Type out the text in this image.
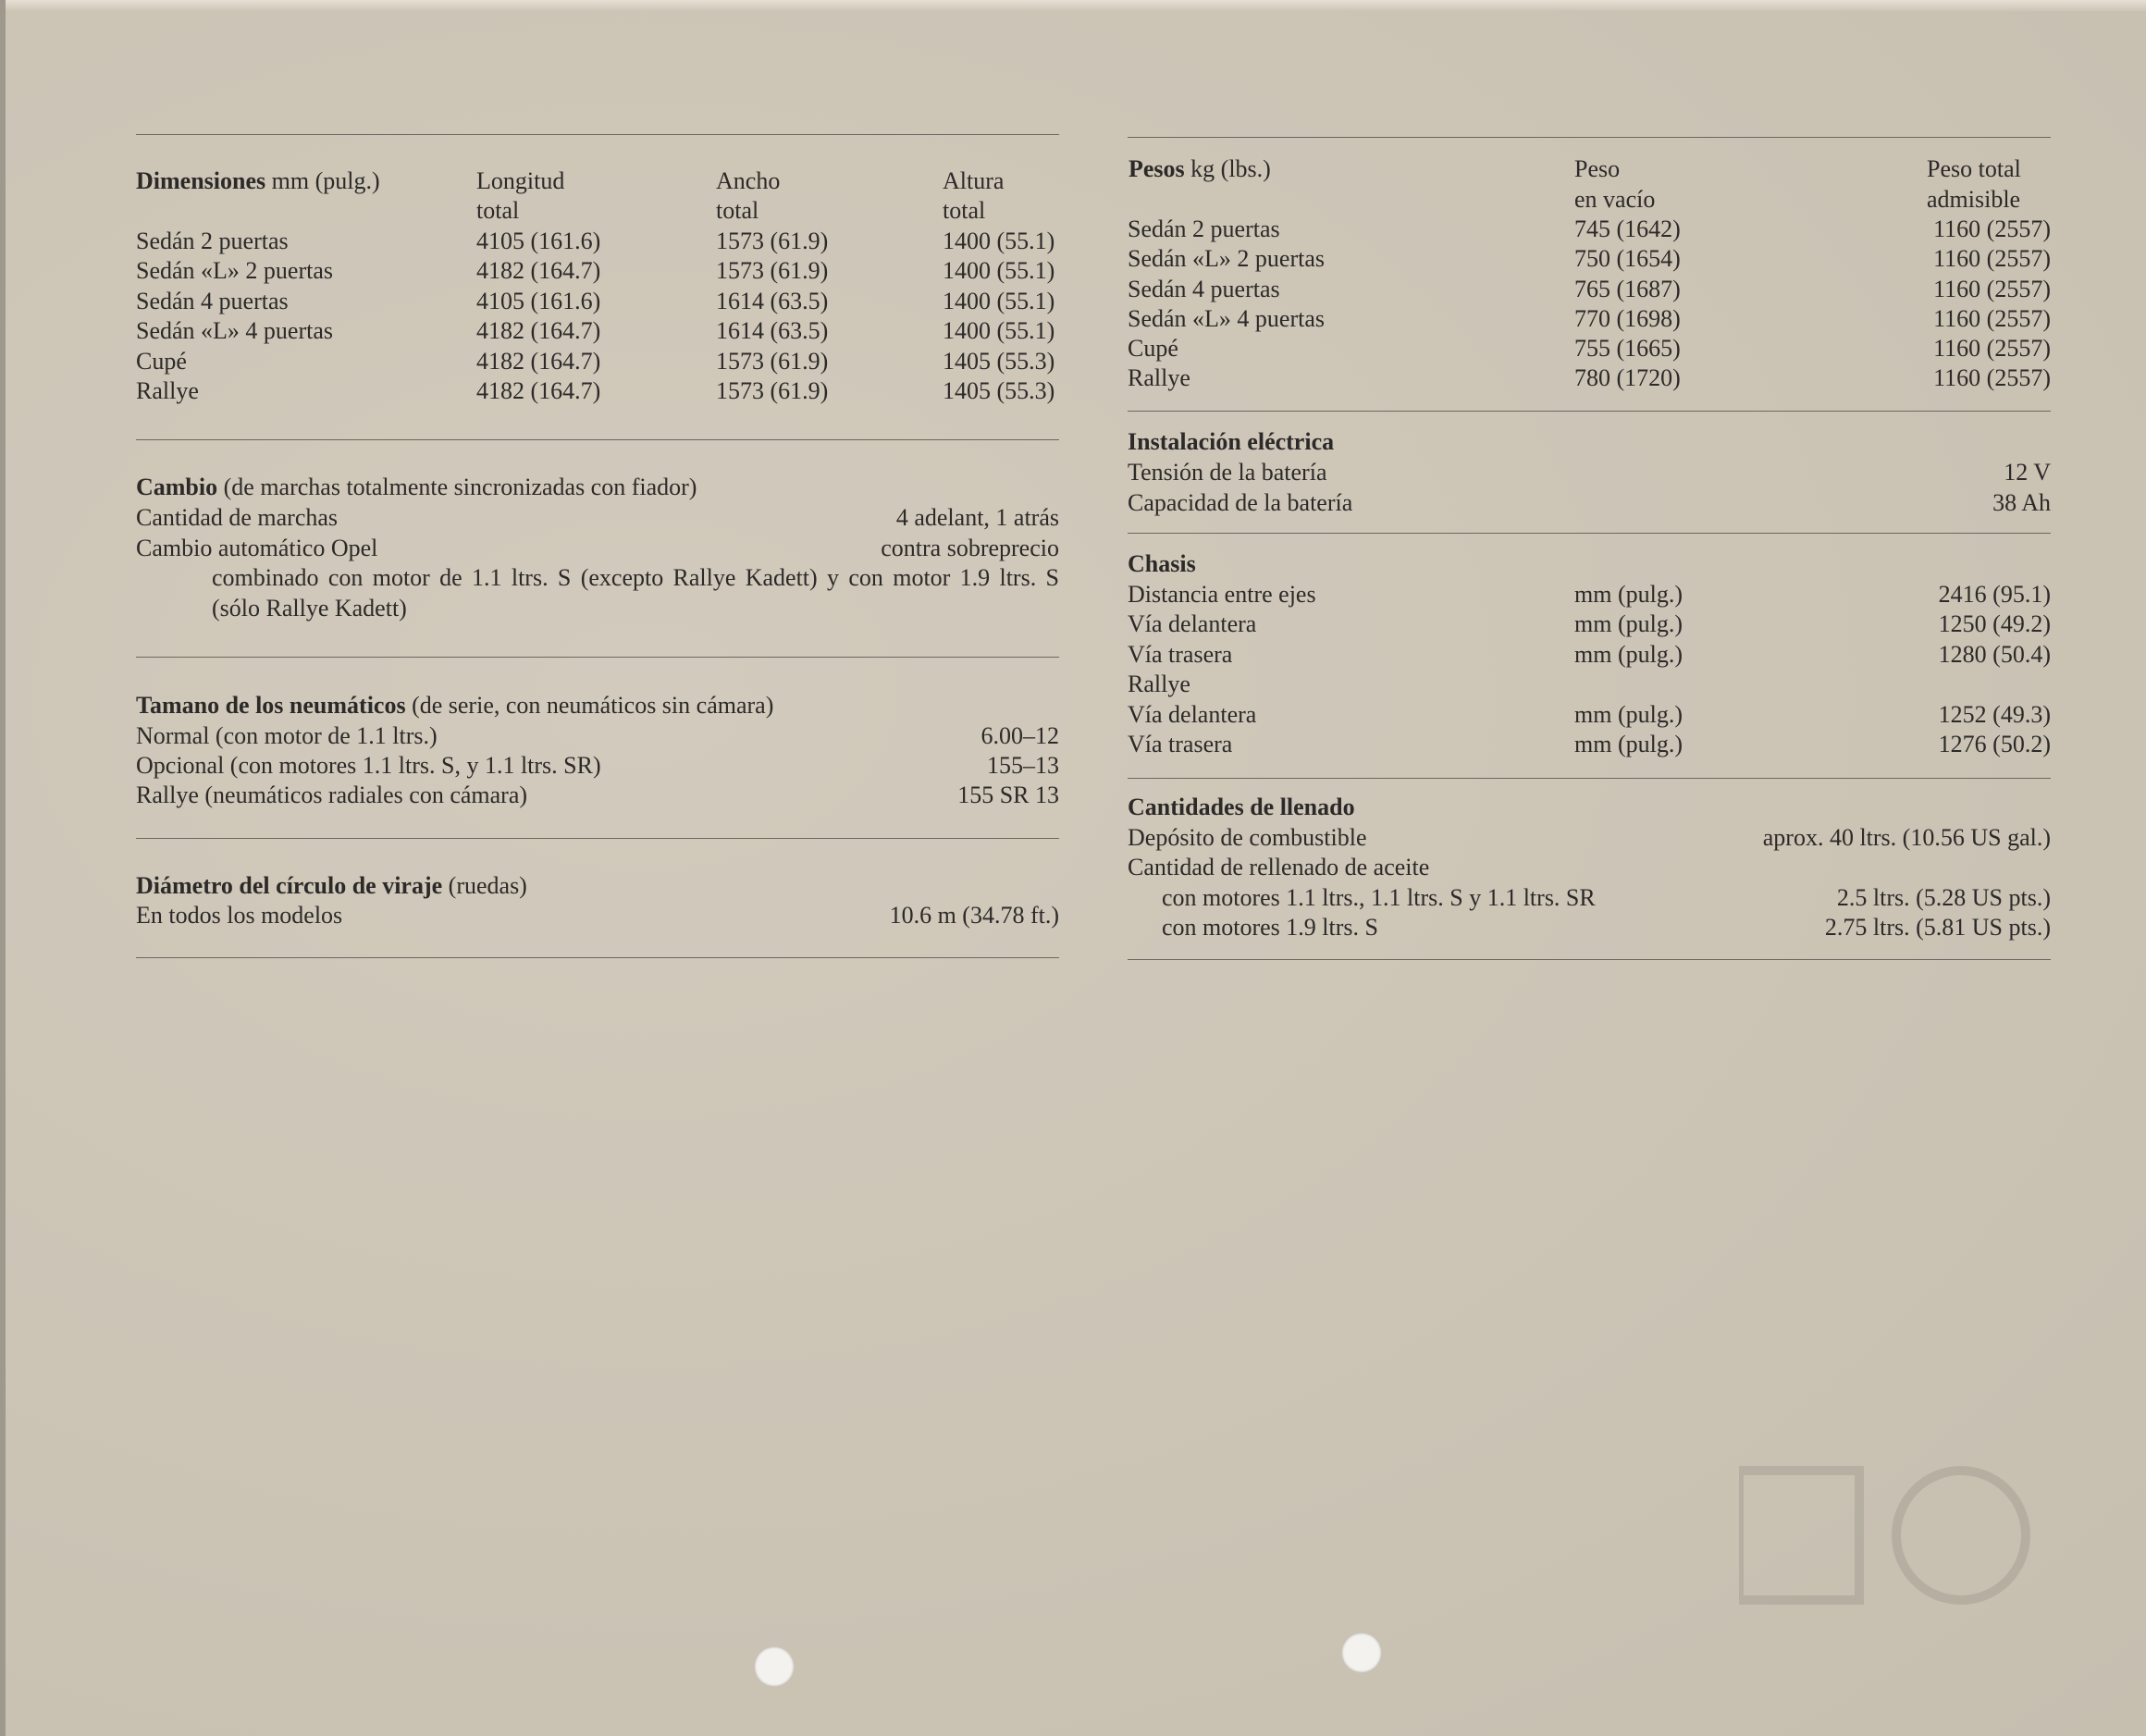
Dimensiones mm (pulg.)	Longitud	Ancho	Altura
total	total	total
Sedán 2 puertas	4105 (161.6)	1573 (61.9)	1400 (55.1)
Sedán «L» 2 puertas	4182 (164.7)	1573 (61.9)	1400 (55.1)
Sedán 4 puertas	4105 (161.6)	1614 (63.5)	1400 (55.1)
Sedán «L» 4 puertas	4182 (164.7)	1614 (63.5)	1400 (55.1)
Cupé	4182 (164.7)	1573 (61.9)	1405 (55.3)
Rallye	4182 (164.7)	1573 (61.9)	1405 (55.3)
Cambio (de marchas totalmente sincronizadas con fiador)
Cantidad de marchas	4 adelant, 1 atrás
Cambio automático Opel	contra sobreprecio
combinado con motor de 1.1 ltrs. S (excepto Rallye Kadett) y con motor 1.9 ltrs. S (sólo Rallye Kadett)
Tamano de los neumáticos (de serie, con neumáticos sin cámara)
Normal (con motor de 1.1 ltrs.)	6.00–12
Opcional (con motores 1.1 ltrs. S, y 1.1 ltrs. SR)	155–13
Rallye (neumáticos radiales con cámara)	155 SR 13
Diámetro del círculo de viraje (ruedas)
En todos los modelos	10.6 m (34.78 ft.)
Pesos kg (lbs.)	Peso	Peso total
en vacío	admisible
Sedán 2 puertas	745 (1642)	1160 (2557)
Sedán «L» 2 puertas	750 (1654)	1160 (2557)
Sedán 4 puertas	765 (1687)	1160 (2557)
Sedán «L» 4 puertas	770 (1698)	1160 (2557)
Cupé	755 (1665)	1160 (2557)
Rallye	780 (1720)	1160 (2557)
Instalación eléctrica
Tensión de la batería	12 V
Capacidad de la batería	38 Ah
Chasis
Distancia entre ejes	mm (pulg.)	2416 (95.1)
Vía delantera	mm (pulg.)	1250 (49.2)
Vía trasera	mm (pulg.)	1280 (50.4)
Rallye
Vía delantera	mm (pulg.)	1252 (49.3)
Vía trasera	mm (pulg.)	1276 (50.2)
Cantidades de llenado
Depósito de combustible	aprox. 40 ltrs. (10.56 US gal.)
Cantidad de rellenado de aceite
con motores 1.1 ltrs., 1.1 ltrs. S y 1.1 ltrs. SR	2.5 ltrs. (5.28 US pts.)
con motores 1.9 ltrs. S	2.75 ltrs. (5.81 US pts.)
